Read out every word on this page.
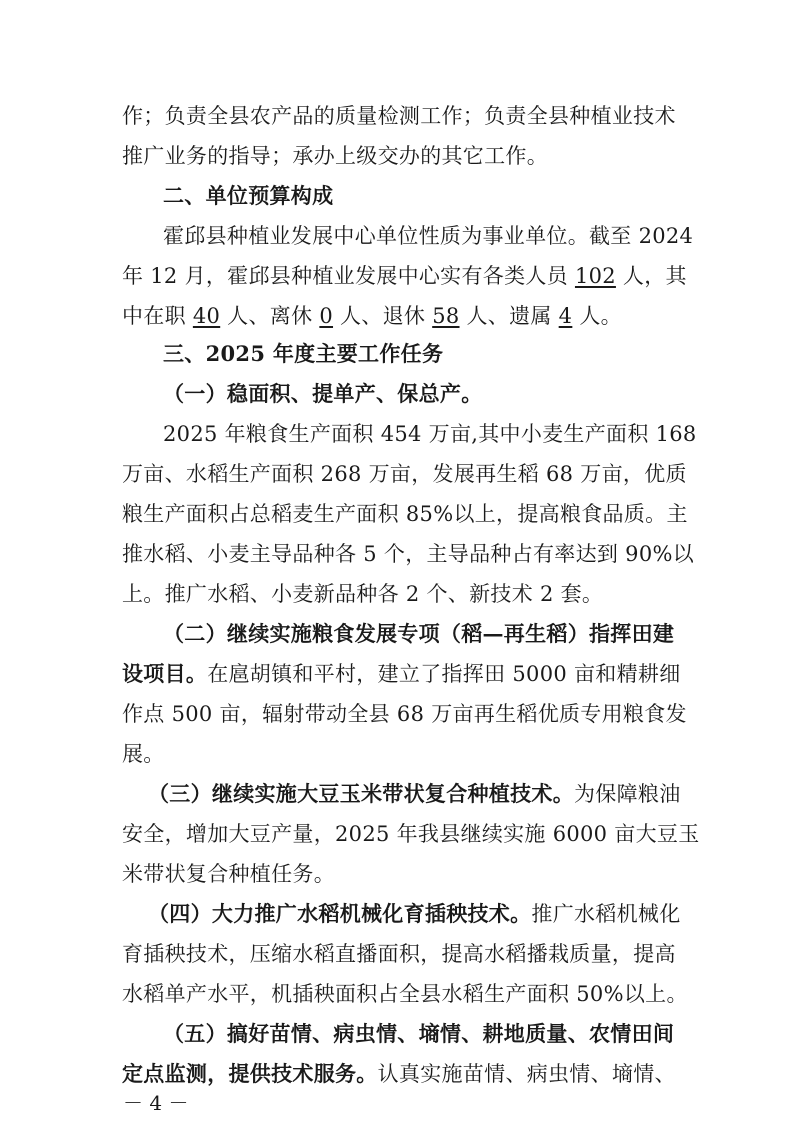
作；负责全县农产品的质量检测工作；负责全县种植业技术
推广业务的指导；承办上级交办的其它工作。
二、单位预算构成
霍邱县种植业发展中心单位性质为事业单位。截至 2024
年 12 月，霍邱县种植业发展中心实有各类人员 102 人，其
中在职 40 人、离休 0 人、退休 58 人、遗属 4 人。
三、2025 年度主要工作任务
（一）稳面积、提单产、保总产。
2025 年粮食生产面积 454 万亩,其中小麦生产面积 168
万亩、水稻生产面积 268 万亩，发展再生稻 68 万亩，优质
粮生产面积占总稻麦生产面积 85%以上，提高粮食品质。主
推水稻、小麦主导品种各 5 个，主导品种占有率达到 90%以
上。推广水稻、小麦新品种各 2 个、新技术 2 套。
（二）继续实施粮食发展专项（稻—再生稻）指挥田建
设项目。在扈胡镇和平村，建立了指挥田 5000 亩和精耕细
作点 500 亩，辐射带动全县 68 万亩再生稻优质专用粮食发
展。
（三）继续实施大豆玉米带状复合种植技术。为保障粮油
安全，增加大豆产量，2025 年我县继续实施 6000 亩大豆玉
米带状复合种植任务。
（四）大力推广水稻机械化育插秧技术。推广水稻机械化
育插秧技术，压缩水稻直播面积，提高水稻播栽质量，提高
水稻单产水平，机插秧面积占全县水稻生产面积 50%以上。
（五）搞好苗情、病虫情、墒情、耕地质量、农情田间
定点监测，提供技术服务。认真实施苗情、病虫情、墒情、
－ 4 －
